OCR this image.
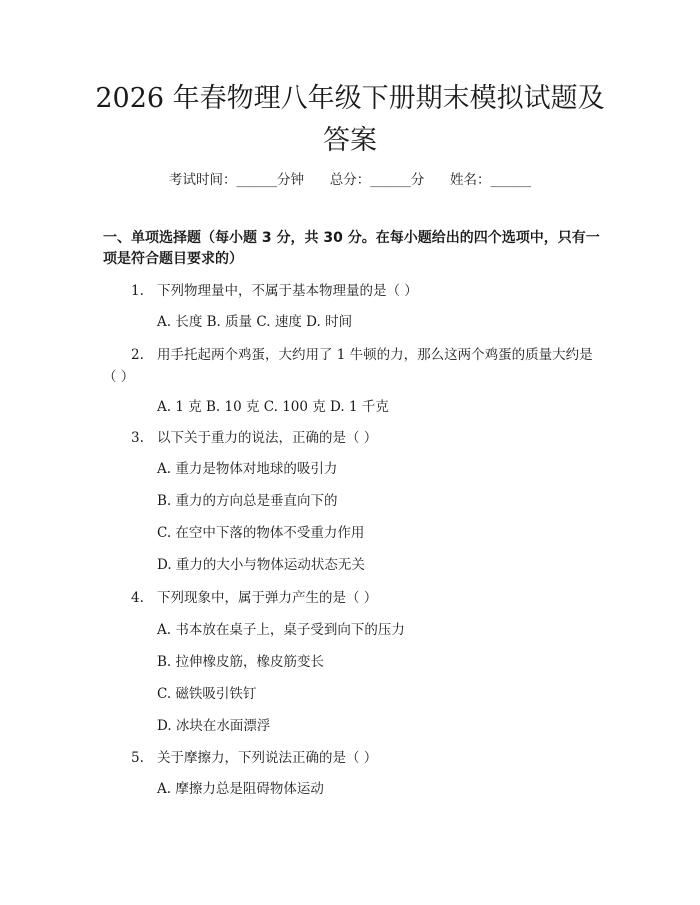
2026 年春物理八年级下册期末模拟试题及答案
考试时间：______分钟 总分：______分 姓名：______
一、单项选择题（每小题 3 分，共 30 分。在每小题给出的四个选项中，只有一项是符合题目要求的）
1. 下列物理量中，不属于基本物理量的是（ ）
A. 长度 B. 质量 C. 速度 D. 时间
2. 用手托起两个鸡蛋，大约用了 1 牛顿的力，那么这两个鸡蛋的质量大约是（ ）
A. 1 克 B. 10 克 C. 100 克 D. 1 千克
3. 以下关于重力的说法，正确的是（ ）
A. 重力是物体对地球的吸引力
B. 重力的方向总是垂直向下的
C. 在空中下落的物体不受重力作用
D. 重力的大小与物体运动状态无关
4. 下列现象中，属于弹力产生的是（ ）
A. 书本放在桌子上，桌子受到向下的压力
B. 拉伸橡皮筋，橡皮筋变长
C. 磁铁吸引铁钉
D. 冰块在水面漂浮
5. 关于摩擦力，下列说法正确的是（ ）
A. 摩擦力总是阻碍物体运动
